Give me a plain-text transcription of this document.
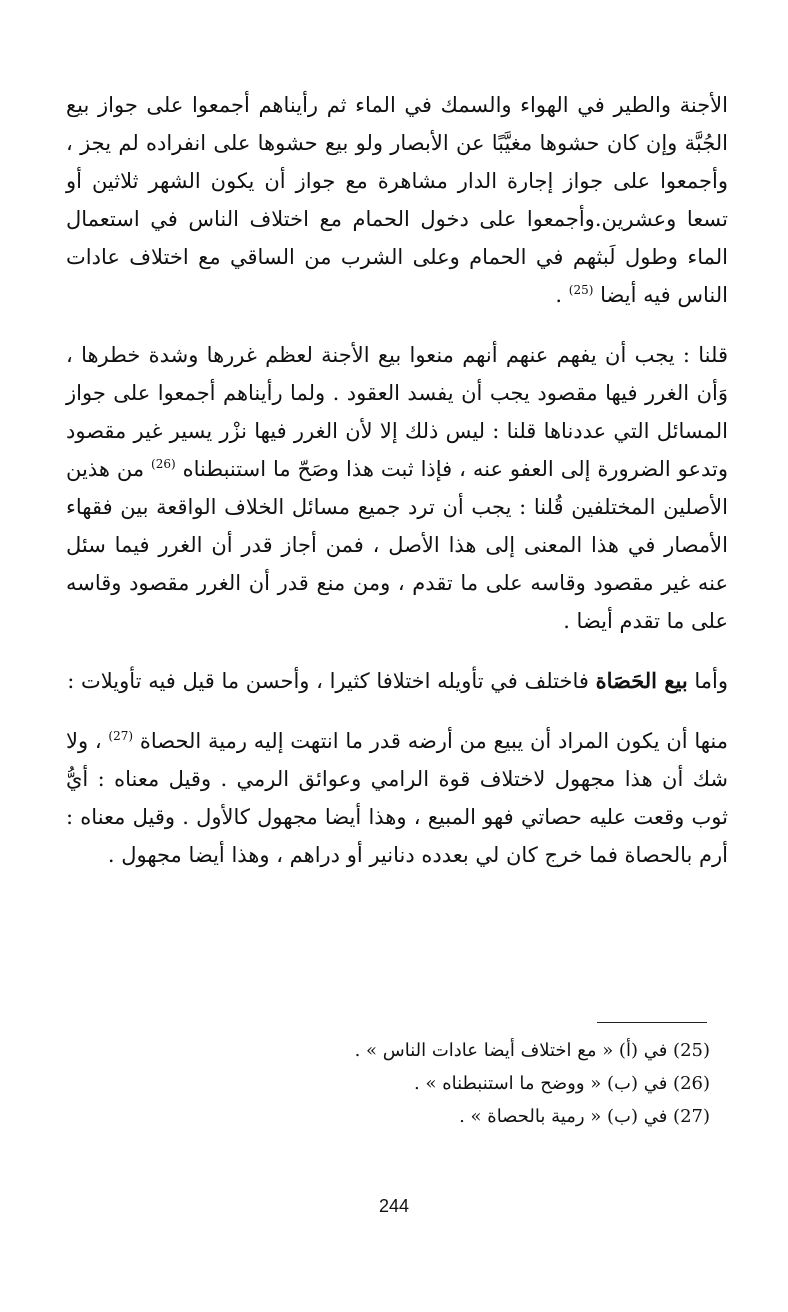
الأجنة والطير في الهواء والسمك في الماء ثم رأيناهم أجمعوا على جواز بيع الجُبَّة وإن كان حشوها مغيَّبًا عن الأبصار ولو بيع حشوها على انفراده لم يجز ، وأجمعوا على جواز إجارة الدار مشاهرة مع جواز أن يكون الشهر ثلاثين أو تسعا وعشرين.وأجمعوا على دخول الحمام مع اختلاف الناس في استعمال الماء وطول لَبثهم في الحمام وعلى الشرب من الساقي مع اختلاف عادات الناس فيه أيضا $^{(25)}$ .

قلنا : يجب أن يفهم عنهم أنهم منعوا بيع الأجنة لعظم غررها وشدة خطرها ، وَأن الغرر فيها مقصود يجب أن يفسد العقود . ولما رأيناهم أجمعوا على جواز المسائل التي عددناها قلنا : ليس ذلك إلا لأن الغرر فيها نزْر يسير غير مقصود وتدعو الضرورة إلى العفو عنه ، فإذا ثبت هذا وصَحّ ما استنبطناه $^{(26)}$ من هذين الأصلين المختلفين قُلنا : يجب أن ترد جميع مسائل الخلاف الواقعة بين فقهاء الأمصار في هذا المعنى إلى هذا الأصل ، فمن أجاز قدر أن الغرر فيما سئل عنه غير مقصود وقاسه على ما تقدم ، ومن منع قدر أن الغرر مقصود وقاسه على ما تقدم أيضا .

وأما بيع الحَصَاة فاختلف في تأويله اختلافا كثيرا ، وأحسن ما قيل فيه تأويلات :

منها أن يكون المراد أن يبيع من أرضه قدر ما انتهت إليه رمية الحصاة $^{(27)}$ ، ولا شك أن هذا مجهول لاختلاف قوة الرامي وعوائق الرمي . وقيل معناه : أيُّ ثوب وقعت عليه حصاتي فهو المبيع ، وهذا أيضا مجهول كالأول . وقيل معناه : أرم بالحصاة فما خرج كان لي بعدده دنانير أو دراهم ، وهذا أيضا مجهول .

(25) في (أ) « مع اختلاف أيضا عادات الناس » .

(26) في (ب) « ووضح ما استنبطناه » .

(27) في (ب) « رمية بالحصاة » .

244
